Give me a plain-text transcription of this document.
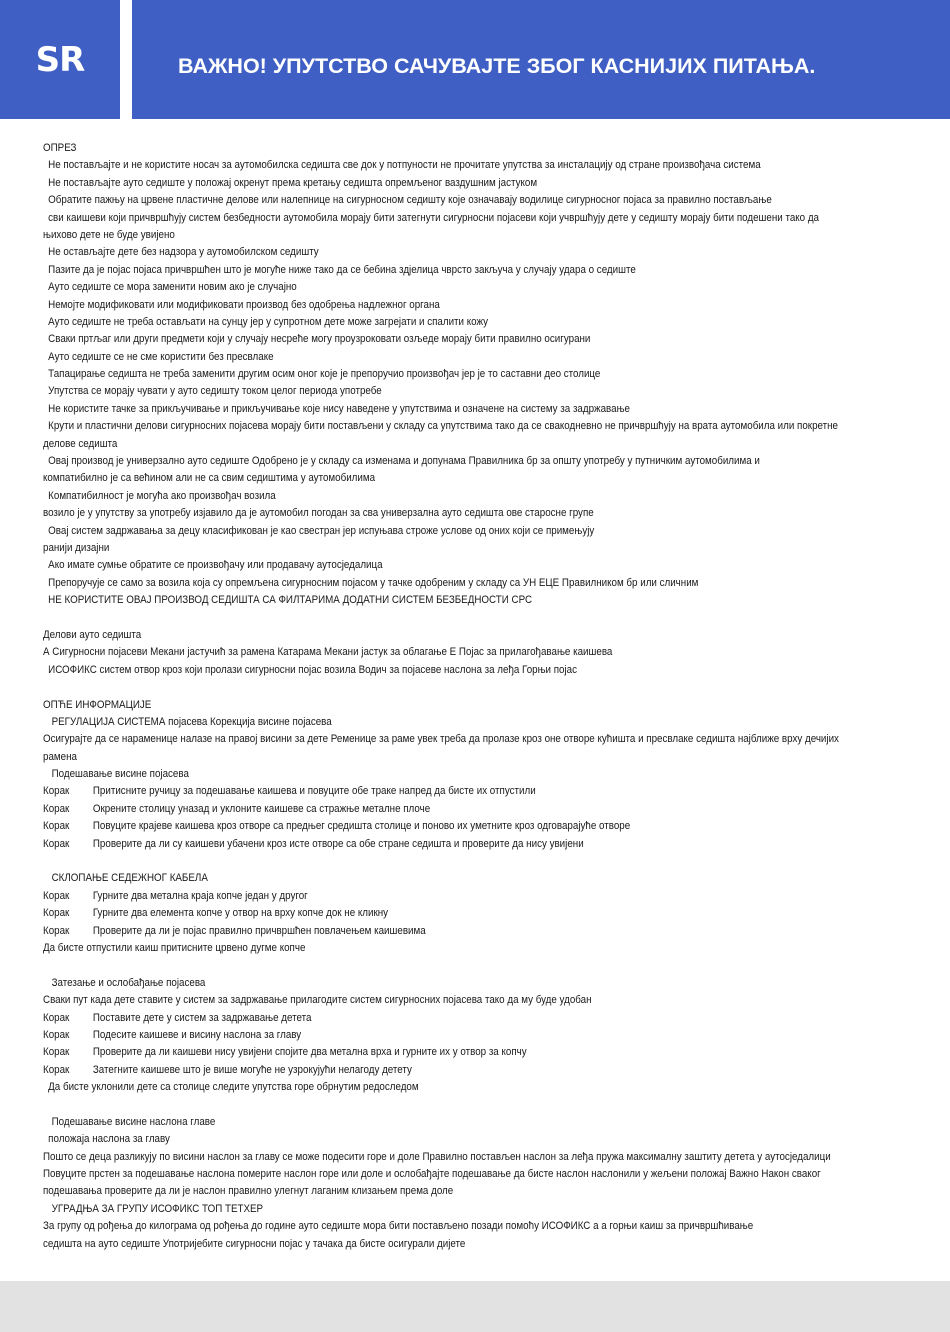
SR	ВАЖНО! УПУТСТВО САЧУВАЈТЕ ЗБОГ КАСНИЈИХ ПИТАЊА.
ОПРЕЗ
Не постављајте и не користите носач за аутомобилска седишта све док у потпуности не прочитате упутства за инсталацију од стране произвођача система
Не постављајте ауто седиште у положај окренут према кретању седишта опремљеног ваздушним јастуком
Обратите пажњу на црвене пластичне делове или налепнице на сигурносном седишту које означавају водилице сигурносног појаса за правилно постављање
сви каишеви који причвршћују систем безбедности аутомобила морају бити затегнути сигурносни појасеви који учвршћују дете у седишту морају бити подешени тако да
њихово дете не буде увијено
Не остављајте дете без надзора у аутомобилском седишту
Пазите да је појас појаса причвршћен што је могуће ниже тако да се бебина здјелица чврсто закључа у случају удара о седиште
Ауто седиште се мора заменити новим ако је случајно
Немојте модификовати или модификовати производ без одобрења надлежног органа
Ауто седиште не треба остављати на сунцу јер у супротном дете може загрејати и спалити кожу
Сваки пртљаг или други предмети који у случају несреће могу проузроковати озљеде морају бити правилно осигурани
Ауто седиште се не сме користити без пресвлаке
Тапацирање седишта не треба заменити другим осим оног које је препоручио произвођач јер је то саставни део столице
Упутства се морају чувати у ауто седишту током целог периода употребе
Не користите тачке за прикључивање и прикључивање које нису наведене у упутствима и означене на систему за задржавање
Крути и пластични делови сигурносних појасева морају бити постављени у складу са упутствима тако да се свакодневно не причвршћују на врата аутомобила или покретне
делове седишта
Овај производ је универзално ауто седиште Одобрено је у складу са изменама и допунама Правилника бр за општу употребу у путничким аутомобилима и
компатибилно је са већином али не са свим седиштима у аутомобилима
Компатибилност је могућа ако произвођач возила
возило је у упутству за употребу изјавило да је аутомобил погодан за сва универзална ауто седишта ове старосне групе
Овај систем задржавања за децу класификован је као свестран јер испуњава строже услове од оних који се примењују
ранији дизајни
Ако имате сумње обратите се произвођачу или продавачу аутосједалица
Препоручује се само за возила која су опремљена сигурносним појасом у тачке одобреним у складу са УН ЕЦЕ Правилником бр или сличним
НЕ КОРИСТИТЕ ОВАЈ ПРОИЗВОД СЕДИШТА СА ФИЛТАРИМА ДОДАТНИ СИСТЕМ БЕЗБЕДНОСТИ СРС
Делови ауто седишта
А Сигурносни појасеви Мекани јастучић за рамена Катарама Мекани јастук за облагање Е Појас за прилагођавање каишева
ИСОФИКС систем отвор кроз који пролази сигурносни појас возила Водич за појасеве наслона за леђа Горњи појас
ОПЋЕ ИНФОРМАЦИЈЕ
РЕГУЛАЦИЈА СИСТЕМА појасева Корекција висине појасева
Осигурајте да се нараменице налазе на правој висини за дете Ременице за раме увек треба да пролазе кроз оне отворе кућишта и пресвлаке седишта најближе врху дечијих
рамена
Подешавање висине појасева
Корак Притисните ручицу за подешавање каишева и повуците обе траке напред да бисте их отпустили
Корак Окрените столицу уназад и уклоните каишеве са стражње металне плоче
Корак Повуците крајеве каишева кроз отворе са предњег средишта столице и поново их уметните кроз одговарајуће отворе
Корак Проверите да ли су каишеви убачени кроз исте отворе са обе стране седишта и проверите да нису увијени
СКЛОПАЊЕ СЕДЕЖНОГ КАБЕЛА
Корак Гурните два метална краја копче један у другог
Корак Гурните два елемента копче у отвор на врху копче док не кликну
Корак Проверите да ли је појас правилно причвршћен повлачењем каишевима
Да бисте отпустили каиш притисните црвено дугме копче
Затезање и ослобађање појасева
Сваки пут када дете ставите у систем за задржавање прилагодите систем сигурносних појасева тако да му буде удобан
Корак Поставите дете у систем за задржавање детета
Корак Подесите каишеве и висину наслона за главу
Корак Проверите да ли каишеви нису увијени спојите два метална врха и гурните их у отвор за копчу
Корак Затегните каишеве што је више могуће не узрокујући нелагоду детету
Да бисте уклонили дете са столице следите упутства горе обрнутим редоследом
Подешавање висине наслона главе
положаја наслона за главу
Пошто се деца разликују по висини наслон за главу се може подесити горе и доле Правилно постављен наслон за леђа пружа максималну заштиту детета у аутосједалици
Повуците прстен за подешавање наслона померите наслон горе или доле и ослобађајте подешавање да бисте наслон наслонили у жељени положај Важно Након сваког
подешавања проверите да ли је наслон правилно улегнут лаганим клизањем према доле
УГРАДЊА ЗА ГРУПУ ИСОФИКС ТОП ТЕТХЕР
За групу од рођења до килограма од рођења до године ауто седиште мора бити постављено позади помоћу ИСОФИКС а а горњи каиш за причвршћивање
седишта на ауто седиште Употријебите сигурносни појас у тачака да бисте осигурали дијете
